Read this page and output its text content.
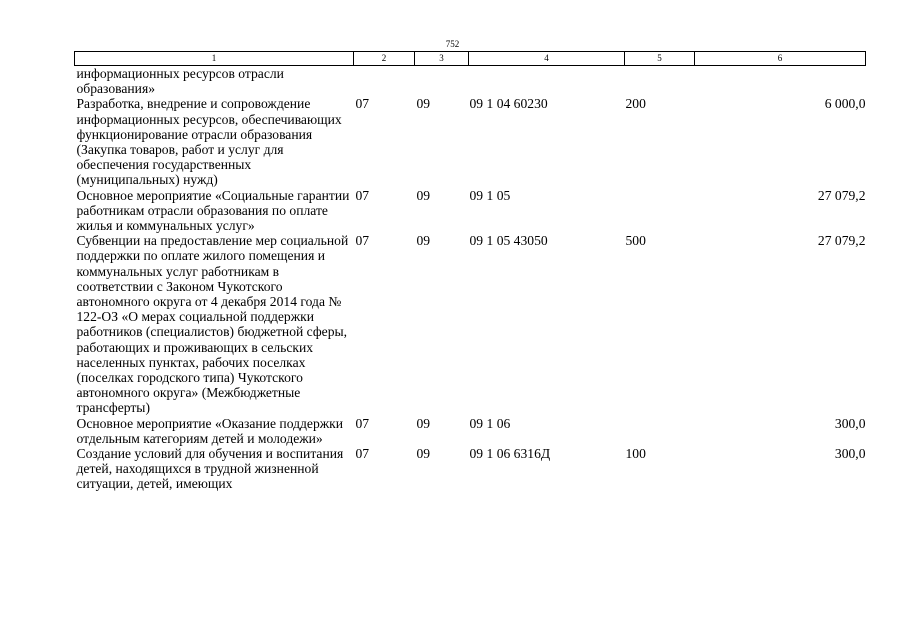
752
1	2	3	4	5	6
информационных ресурсов отрасли образования»					
Разработка, внедрение и сопровождение информационных ресурсов, обеспечивающих функционирование отрасли образования (Закупка товаров, работ и услуг для обеспечения государственных (муниципальных) нужд)	07	09	09 1 04 60230	200	6 000,0
Основное мероприятие «Социальные гарантии работникам отрасли образования по оплате жилья и коммунальных услуг»	07	09	09 1 05		27 079,2
Субвенции на предоставление мер социальной поддержки по оплате жилого помещения и коммунальных услуг работникам в соответствии с Законом Чукотского автономного округа от 4 декабря 2014 года № 122-ОЗ «О мерах социальной поддержки работников (специалистов) бюджетной сферы, работающих и проживающих в сельских населенных пунктах, рабочих поселках (поселках городского типа) Чукотского автономного округа» (Межбюджетные трансферты)	07	09	09 1 05 43050	500	27 079,2
Основное мероприятие «Оказание поддержки отдельным категориям детей и молодежи»	07	09	09 1 06		300,0
Создание условий для обучения и воспитания детей, находящихся в трудной жизненной ситуации, детей, имеющих	07	09	09 1 06 6316Д	100	300,0
